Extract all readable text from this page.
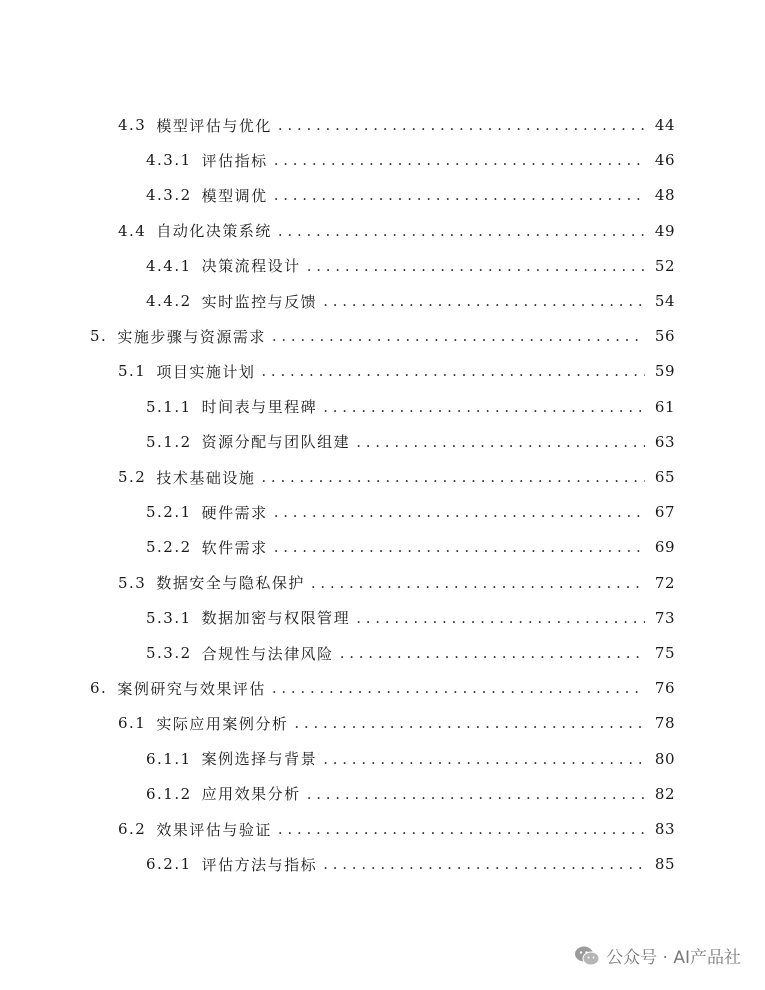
4.3 模型评估与优化 . . .	44
4.3.1 评估指标 . . .	46
4.3.2 模型调优 . . .	48
4.4 自动化决策系统 . . .	49
4.4.1 决策流程设计 . . .	52
4.4.2 实时监控与反馈 . . .	54
5. 实施步骤与资源需求 . . .	56
5.1 项目实施计划 . . .	59
5.1.1 时间表与里程碑 . . .	61
5.1.2 资源分配与团队组建 . . .	63
5.2 技术基础设施 . . .	65
5.2.1 硬件需求 . . .	67
5.2.2 软件需求 . . .	69
5.3 数据安全与隐私保护 . . .	72
5.3.1 数据加密与权限管理 . . .	73
5.3.2 合规性与法律风险 . . .	75
6. 案例研究与效果评估 . . .	76
6.1 实际应用案例分析 . . .	78
6.1.1 案例选择与背景 . . .	80
6.1.2 应用效果分析 . . .	82
6.2 效果评估与验证 . . .	83
6.2.1 评估方法与指标 . . .	85
公众号 · AI产品社
